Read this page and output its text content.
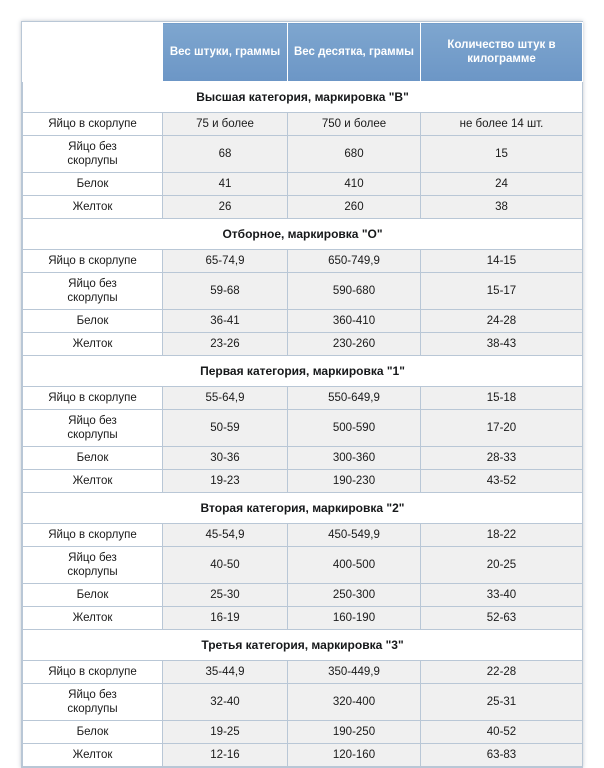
	Вес штуки, граммы	Вес десятка, граммы	Количество штук в килограмме
Высшая категория, маркировка "В"			
Яйцо в скорлупе	75 и более	750 и более	не более 14 шт.
Яйцо без
скорлупы	68	680	15
Белок	41	410	24
Желток	26	260	38
Отборное, маркировка "О"			
Яйцо в скорлупе	65-74,9	650-749,9	14-15
Яйцо без
скорлупы	59-68	590-680	15-17
Белок	36-41	360-410	24-28
Желток	23-26	230-260	38-43
Первая категория, маркировка "1"			
Яйцо в скорлупе	55-64,9	550-649,9	15-18
Яйцо без
скорлупы	50-59	500-590	17-20
Белок	30-36	300-360	28-33
Желток	19-23	190-230	43-52
Вторая категория, маркировка "2"			
Яйцо в скорлупе	45-54,9	450-549,9	18-22
Яйцо без
скорлупы	40-50	400-500	20-25
Белок	25-30	250-300	33-40
Желток	16-19	160-190	52-63
Третья категория, маркировка "3"			
Яйцо в скорлупе	35-44,9	350-449,9	22-28
Яйцо без
скорлупы	32-40	320-400	25-31
Белок	19-25	190-250	40-52
Желток	12-16	120-160	63-83
